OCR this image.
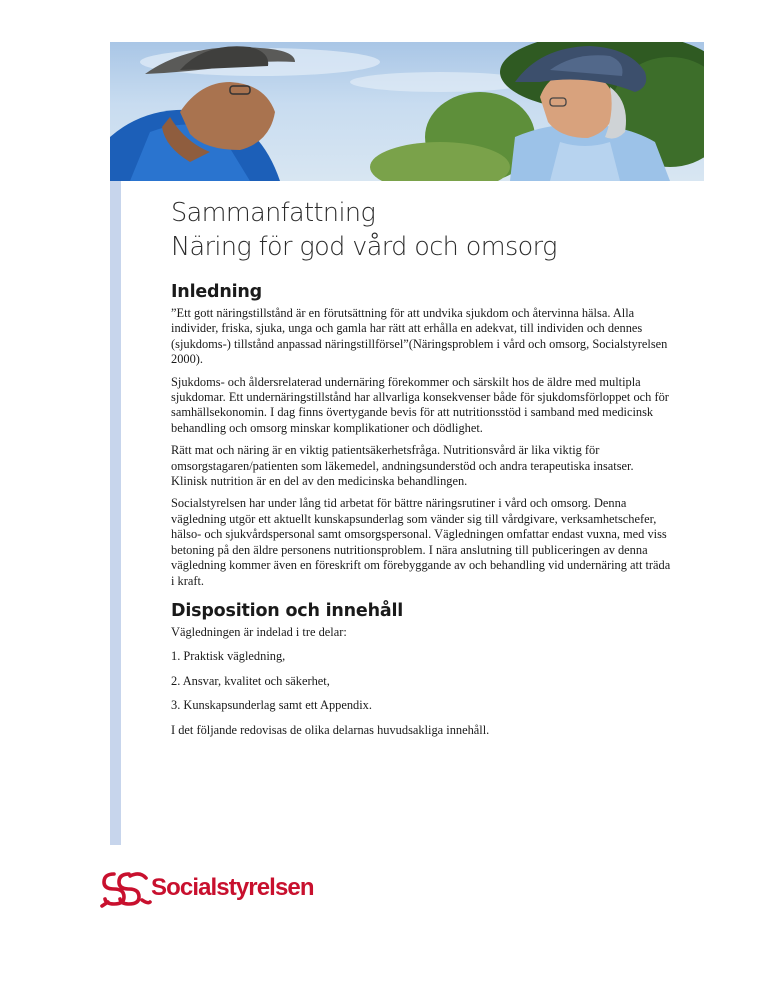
Sammanfattning
Näring för god vård och omsorg
Inledning

”Ett gott näringstillstånd är en förutsättning för att undvika sjukdom och återvinna hälsa. Alla individer, friska, sjuka, unga och gamla har rätt att erhålla en adekvat, till individen och dennes (sjukdoms-) tillstånd anpassad näringstillförsel”(Näringsproblem i vård och omsorg, Socialstyrelsen 2000).

Sjukdoms- och åldersrelaterad undernäring förekommer och särskilt hos de äldre med multipla sjukdomar. Ett undernäringstillstånd har allvarliga konsekvenser både för sjukdomsförloppet och för samhällsekonomin. I dag finns övertygande bevis för att nutritionsstöd i samband med medicinsk behandling och omsorg minskar komplikationer och dödlighet.

Rätt mat och näring är en viktig patientsäkerhetsfråga. Nutritionsvård är lika viktig för omsorgstagaren/patienten som läkemedel, andningsunderstöd och andra terapeutiska insatser. Klinisk nutrition är en del av den medicinska behandlingen.

Socialstyrelsen har under lång tid arbetat för bättre näringsrutiner i vård och omsorg. Denna vägledning utgör ett aktuellt kunskapsunderlag som vänder sig till vårdgivare, verksamhetschefer, hälso- och sjukvårdspersonal samt omsorgspersonal. Vägledningen omfattar endast vuxna, med viss betoning på den äldre personens nutritionsproblem. I nära anslutning till publiceringen av denna vägledning kommer även en föreskrift om förebyggande av och behandling vid undernäring att träda i kraft.

Disposition och innehåll

Vägledningen är indelad i tre delar:

1. Praktisk vägledning,

2. Ansvar, kvalitet och säkerhet,

3. Kunskapsunderlag samt ett Appendix.

I det följande redovisas de olika delarnas huvudsakliga innehåll.

Socialstyrelsen
